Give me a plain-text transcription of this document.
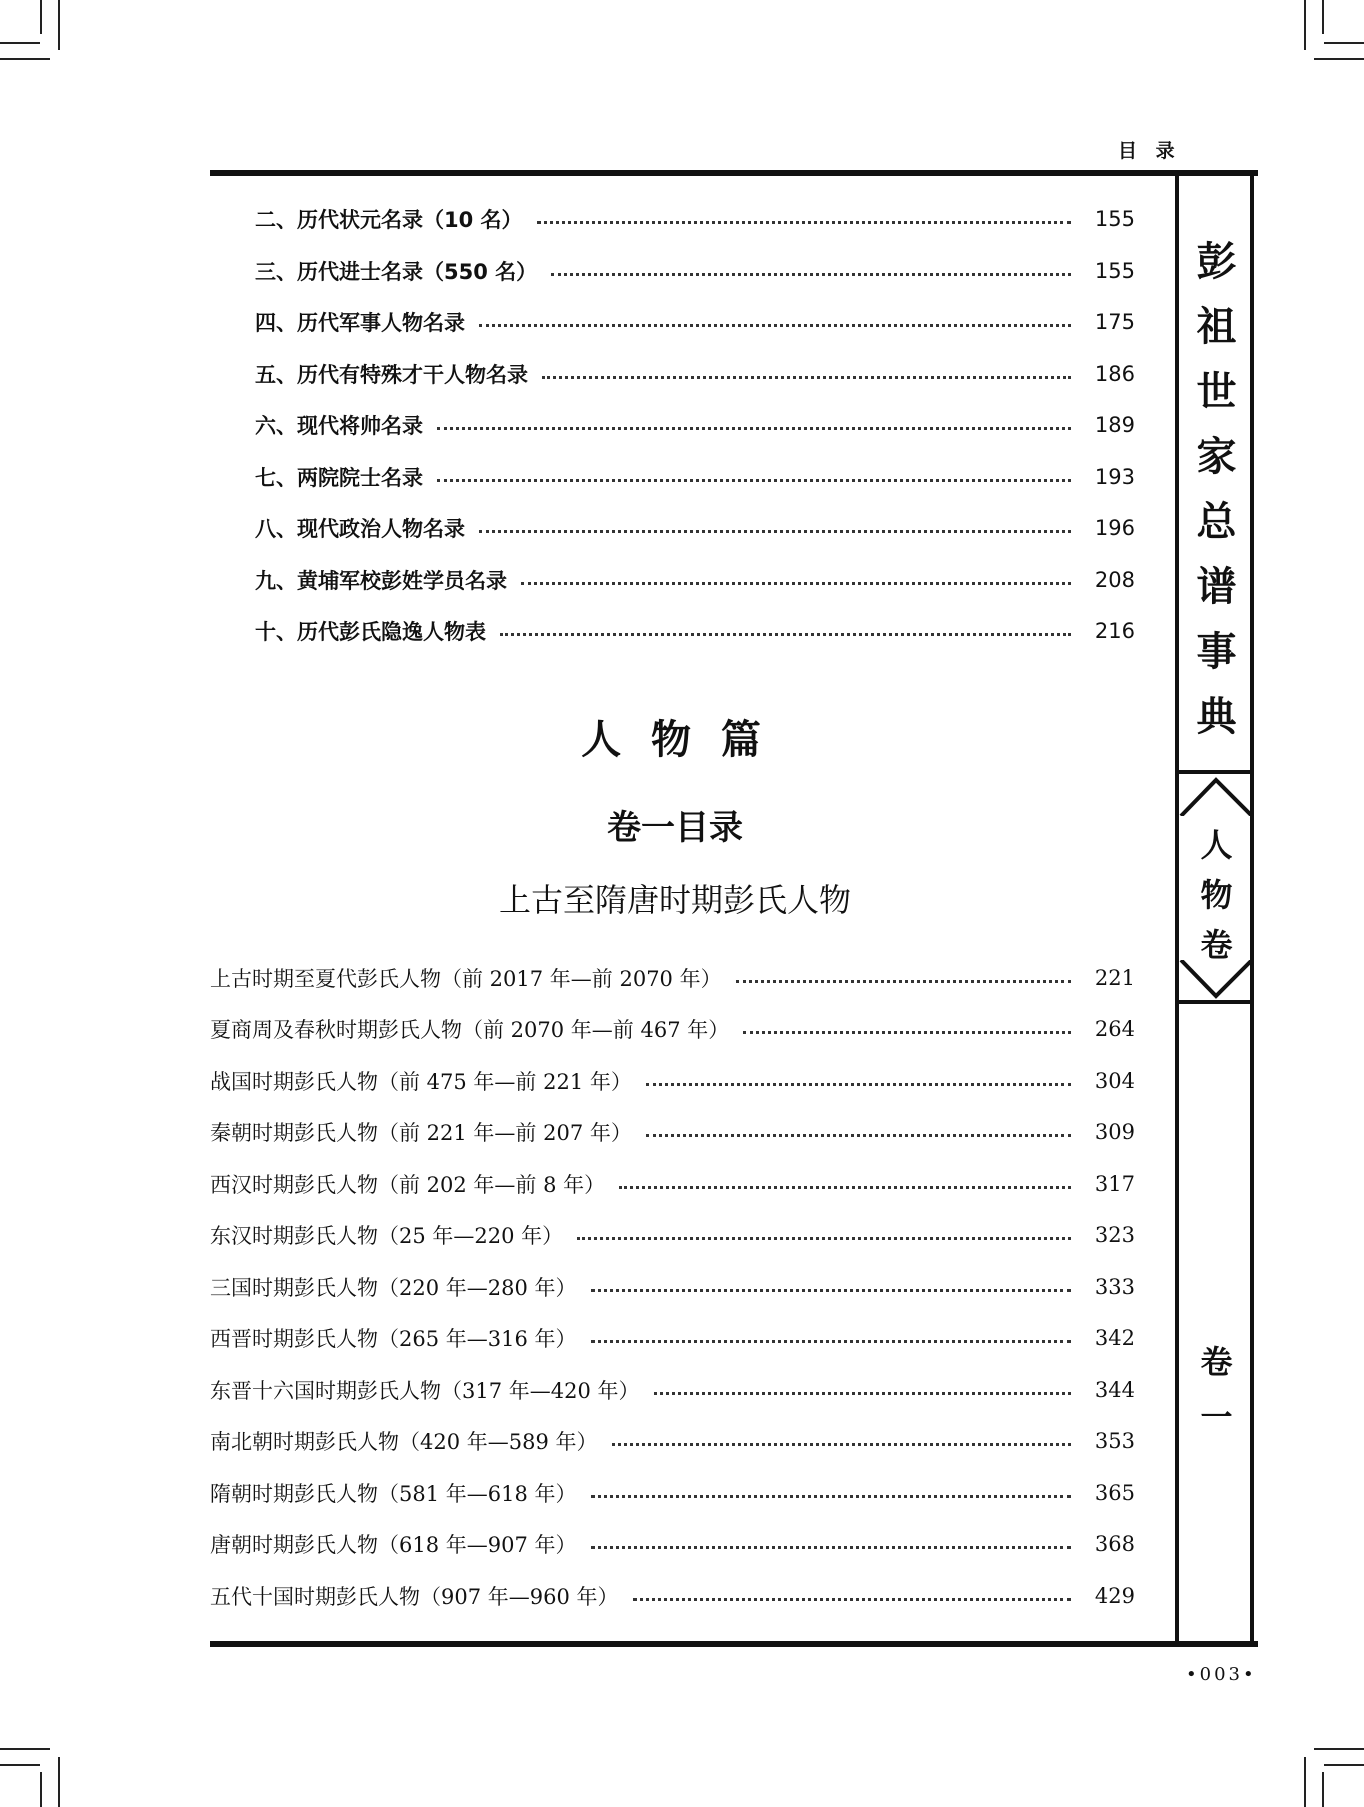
目 录
彭祖世家总谱事典
人物卷
卷一
二、历代状元名录（10 名）	155
三、历代进士名录（550 名）	155
四、历代军事人物名录	175
五、历代有特殊才干人物名录	186
六、现代将帅名录	189
七、两院院士名录	193
八、现代政治人物名录	196
九、黄埔军校彭姓学员名录	208
十、历代彭氏隐逸人物表	216
人 物 篇
卷一目录
上古至隋唐时期彭氏人物
上古时期至夏代彭氏人物（前 2017 年—前 2070 年）	221
夏商周及春秋时期彭氏人物（前 2070 年—前 467 年）	264
战国时期彭氏人物（前 475 年—前 221 年）	304
秦朝时期彭氏人物（前 221 年—前 207 年）	309
西汉时期彭氏人物（前 202 年—前 8 年）	317
东汉时期彭氏人物（25 年—220 年）	323
三国时期彭氏人物（220 年—280 年）	333
西晋时期彭氏人物（265 年—316 年）	342
东晋十六国时期彭氏人物（317 年—420 年）	344
南北朝时期彭氏人物（420 年—589 年）	353
隋朝时期彭氏人物（581 年—618 年）	365
唐朝时期彭氏人物（618 年—907 年）	368
五代十国时期彭氏人物（907 年—960 年）	429
•003•
